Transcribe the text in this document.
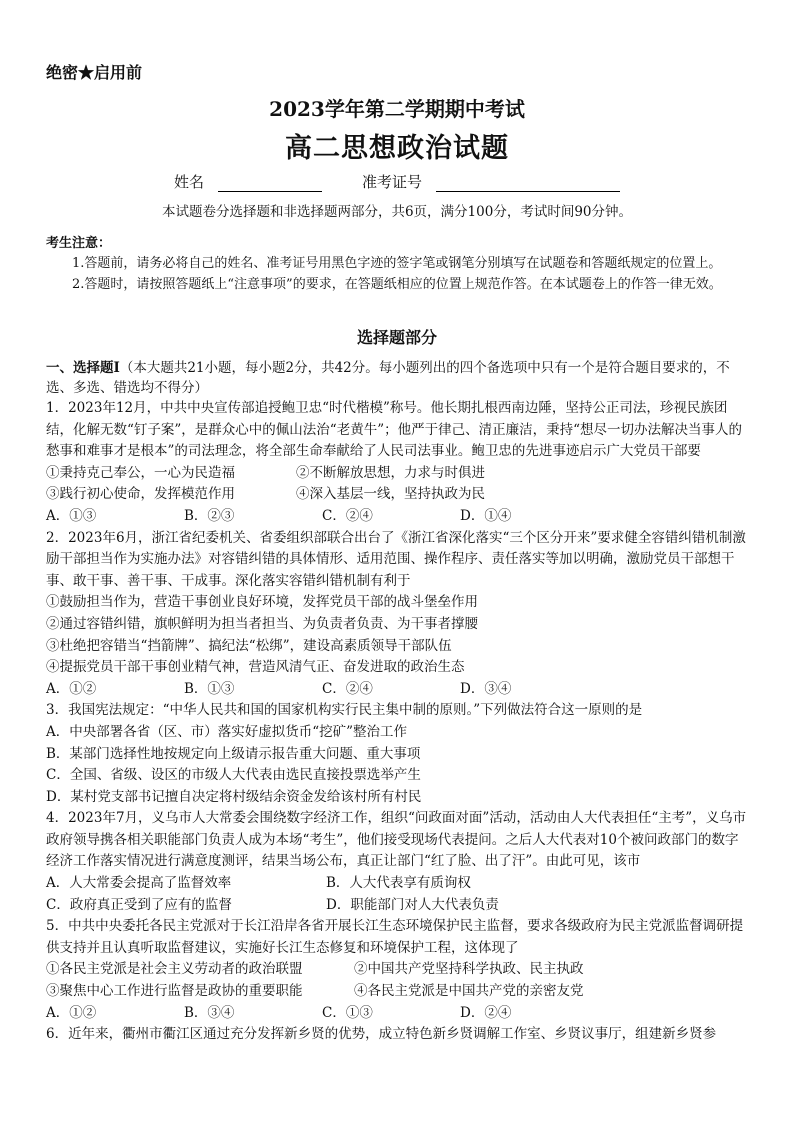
绝密★启用前
2023学年第二学期期中考试
高二思想政治试题
姓名	准考证号
本试题卷分选择题和非选择题两部分，共6页，满分100分，考试时间90分钟。
考生注意：

1.答题前，请务必将自己的姓名、准考证号用黑色字迹的签字笔或钢笔分别填写在试题卷和答题纸规定的位置上。

2.答题时，请按照答题纸上“注意事项”的要求，在答题纸相应的位置上规范作答。在本试题卷上的作答一律无效。

选择题部分

一、选择题Ⅰ（本大题共21小题，每小题2分，共42分。每小题列出的四个备选项中只有一个是符合题目要求的，不选、多选、错选均不得分）

1．2023年12月，中共中央宣传部追授鲍卫忠“时代楷模”称号。他长期扎根西南边陲，坚持公正司法，珍视民族团结，化解无数“钉子案”，是群众心中的佩山法治“老黄牛”；他严于律己、清正廉洁，秉持“想尽一切办法解决当事人的愁事和难事才是根本”的司法理念，将全部生命奉献给了人民司法事业。鲍卫忠的先进事迹启示广大党员干部要

①秉持克己奉公，一心为民造福	②不断解放思想，力求与时俱进
③践行初心使命，发挥模范作用	④深入基层一线，坚持执政为民
A．①③	B．②③	C．②④	D．①④

2．2023年6月，浙江省纪委机关、省委组织部联合出台了《浙江省深化落实“三个区分开来”要求健全容错纠错机制激励干部担当作为实施办法》对容错纠错的具体情形、适用范围、操作程序、责任落实等加以明确，激励党员干部想干事、敢干事、善干事、干成事。深化落实容错纠错机制有利于

①鼓励担当作为，营造干事创业良好环境，发挥党员干部的战斗堡垒作用

②通过容错纠错，旗帜鲜明为担当者担当、为负责者负责、为干事者撑腰

③杜绝把容错当“挡箭牌”、搞纪法“松绑”，建设高素质领导干部队伍

④提振党员干部干事创业精气神，营造风清气正、奋发进取的政治生态

A．①②	B．①③	C．②④	D．③④

3．我国宪法规定：“中华人民共和国的国家机构实行民主集中制的原则。”下列做法符合这一原则的是

A．中央部署各省（区、市）落实好虚拟货币“挖矿”整治工作

B．某部门选择性地按规定向上级请示报告重大问题、重大事项

C．全国、省级、设区的市级人大代表由选民直接投票选举产生

D．某村党支部书记擅自决定将村级结余资金发给该村所有村民

4．2023年7月，义乌市人大常委会围绕数字经济工作，组织“问政面对面”活动，活动由人大代表担任“主考”，义乌市政府领导携各相关职能部门负责人成为本场“考生”，他们接受现场代表提问。之后人大代表对10个被问政部门的数字经济工作落实情况进行满意度测评，结果当场公布，真正让部门“红了脸、出了汗”。由此可见，该市

A．人大常委会提高了监督效率	B．人大代表享有质询权
C．政府真正受到了应有的监督	D．职能部门对人大代表负责

5．中共中央委托各民主党派对于长江沿岸各省开展长江生态环境保护民主监督，要求各级政府为民主党派监督调研提供支持并且认真听取监督建议，实施好长江生态修复和环境保护工程，这体现了

①各民主党派是社会主义劳动者的政治联盟	②中国共产党坚持科学执政、民主执政
③聚焦中心工作进行监督是政协的重要职能	④各民主党派是中国共产党的亲密友党
A．①②	B．③④	C．①③	D．②④

6．近年来，衢州市衢江区通过充分发挥新乡贤的优势，成立特色新乡贤调解工作室、乡贤议事厅，组建新乡贤参
